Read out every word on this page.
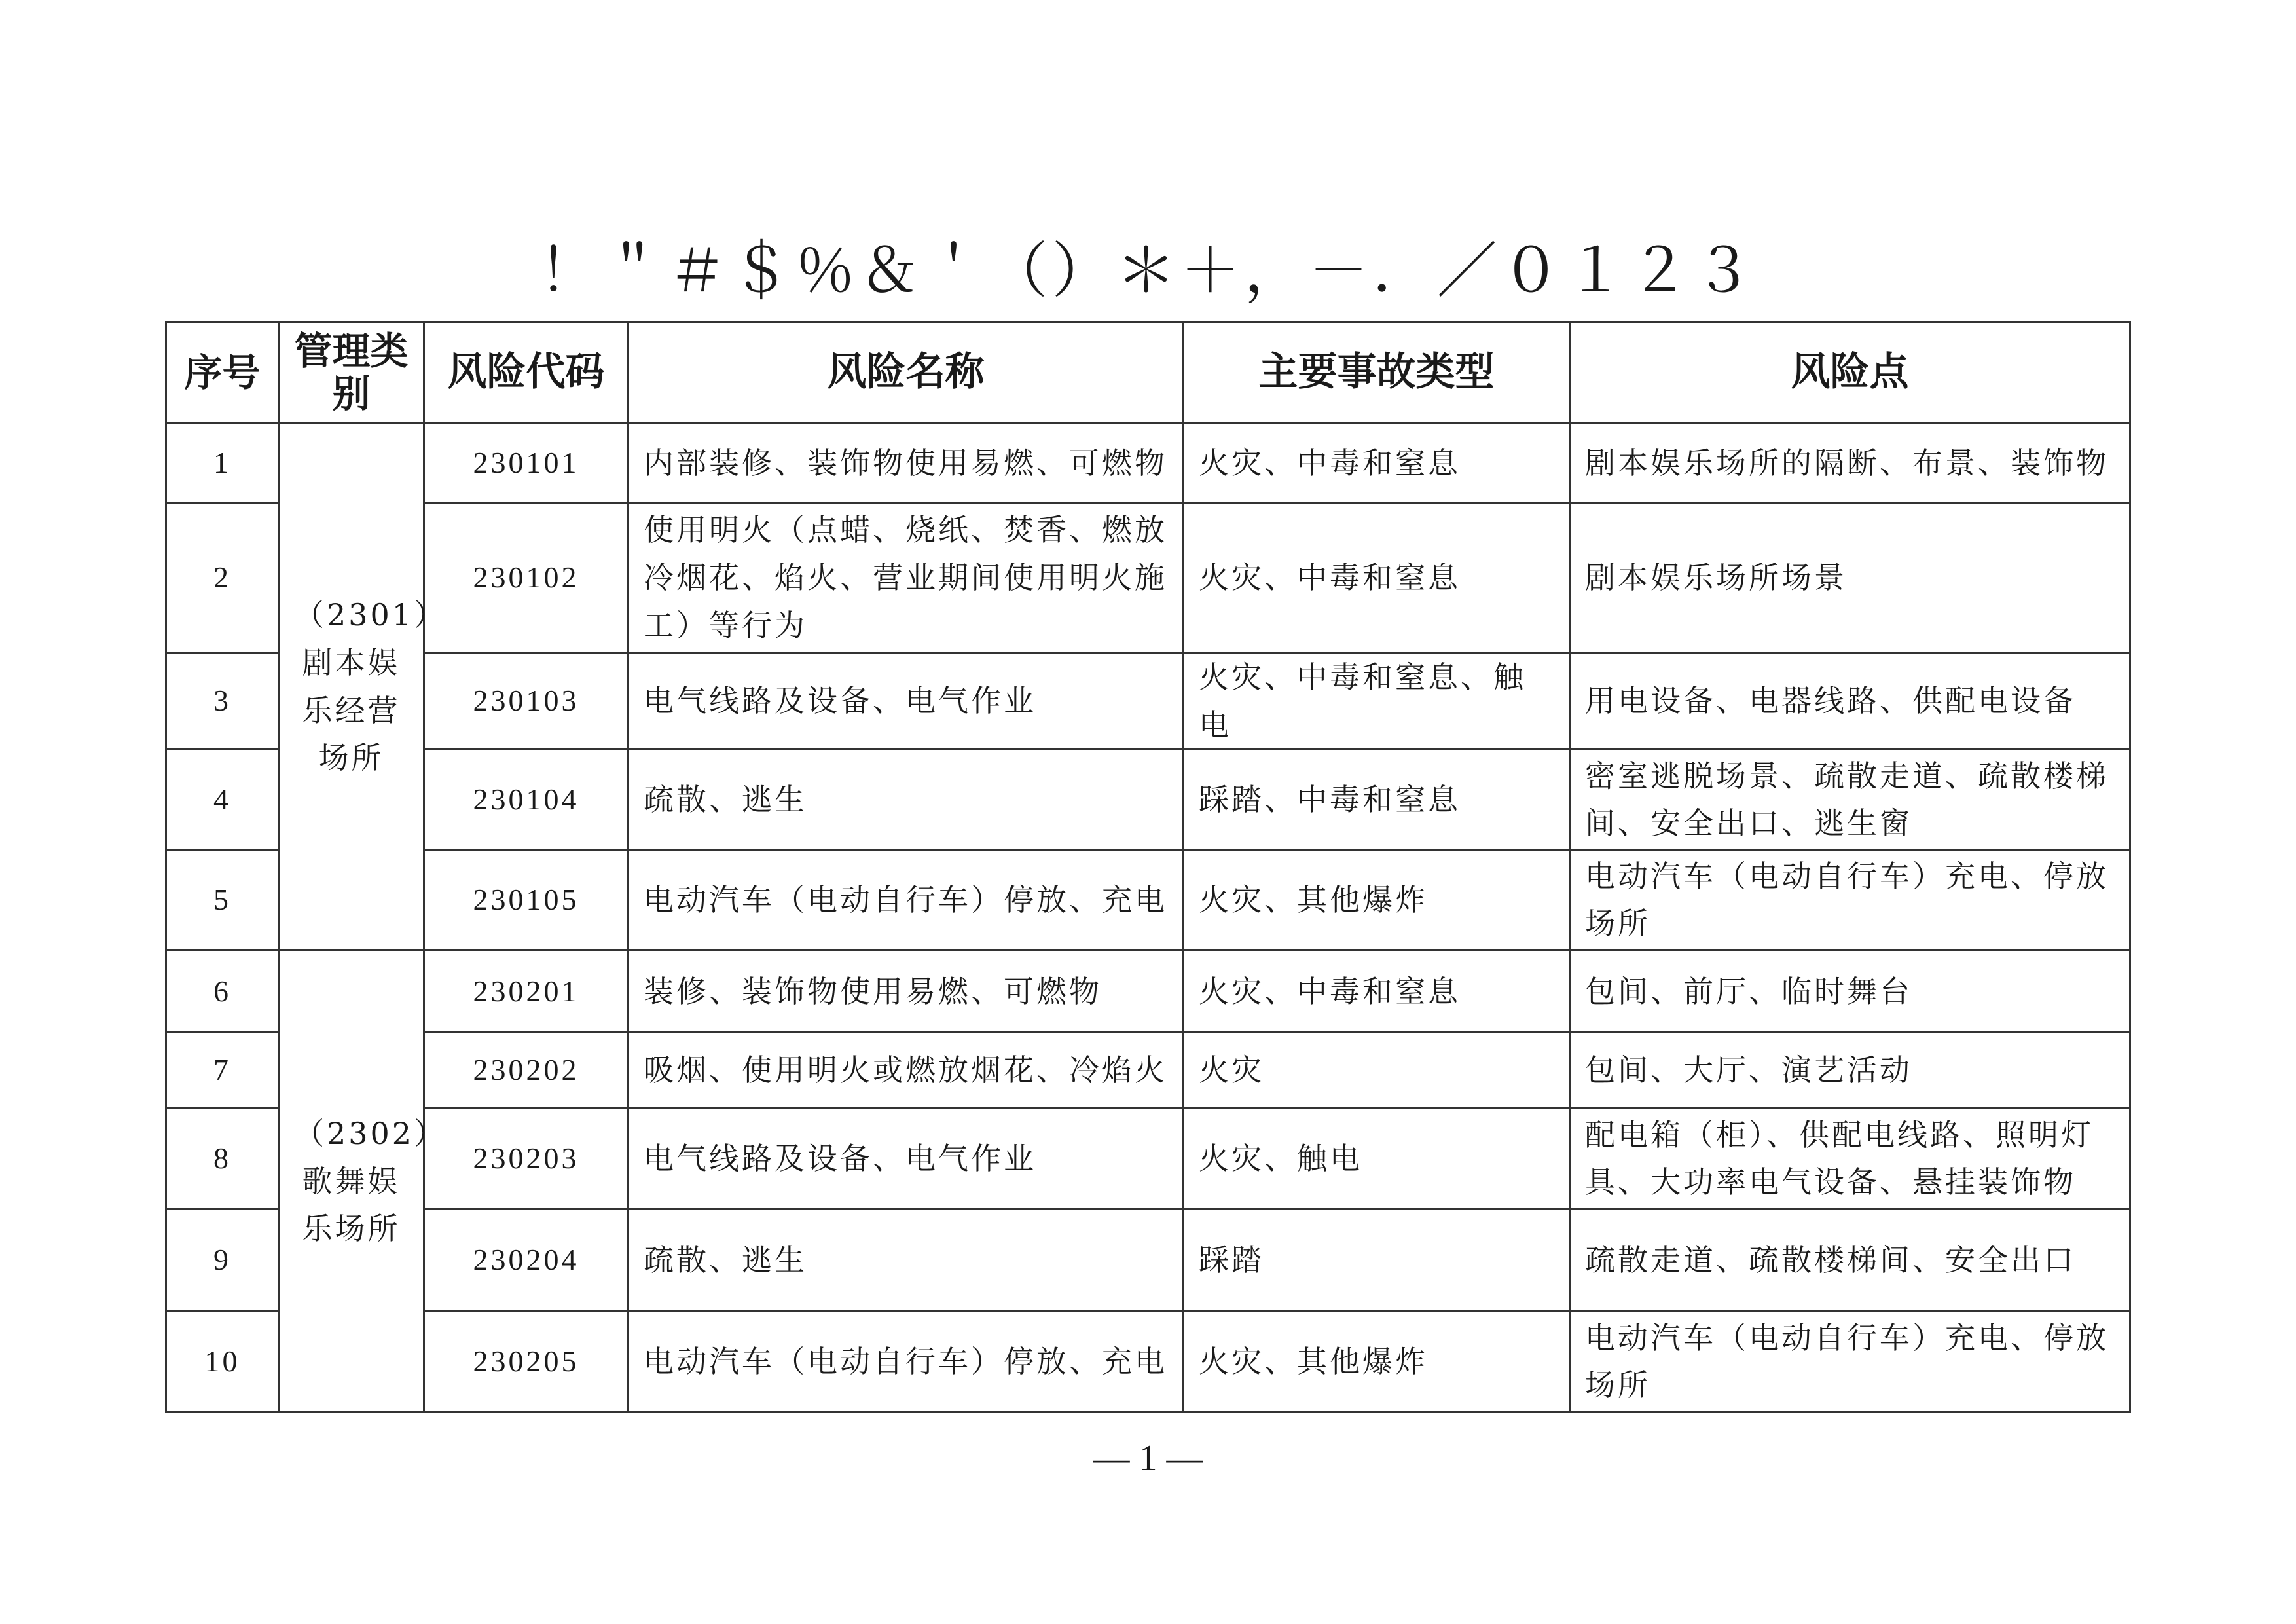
！＂＃＄％＆＇（）＊＋，－．／０１２３
序号	管理类别	风险代码	风险名称	主要事故类型	风险点
1	（2301）剧本娱乐经营场所	230101	内部装修、装饰物使用易燃、可燃物	火灾、中毒和窒息	剧本娱乐场所的隔断、布景、装饰物
2		230102	使用明火（点蜡、烧纸、焚香、燃放冷烟花、焰火、营业期间使用明火施工）等行为	火灾、中毒和窒息	剧本娱乐场所场景
3		230103	电气线路及设备、电气作业	火灾、中毒和窒息、触电	用电设备、电器线路、供配电设备
4		230104	疏散、逃生	踩踏、中毒和窒息	密室逃脱场景、疏散走道、疏散楼梯间、安全出口、逃生窗
5		230105	电动汽车（电动自行车）停放、充电	火灾、其他爆炸	电动汽车（电动自行车）充电、停放场所
6	（2302）歌舞娱乐场所	230201	装修、装饰物使用易燃、可燃物	火灾、中毒和窒息	包间、前厅、临时舞台
7		230202	吸烟、使用明火或燃放烟花、冷焰火	火灾	包间、大厅、演艺活动
8		230203	电气线路及设备、电气作业	火灾、触电	配电箱（柜）、供配电线路、照明灯具、大功率电气设备、悬挂装饰物
9		230204	疏散、逃生	踩踏	疏散走道、疏散楼梯间、安全出口
10		230205	电动汽车（电动自行车）停放、充电	火灾、其他爆炸	电动汽车（电动自行车）充电、停放场所
— 1 —
